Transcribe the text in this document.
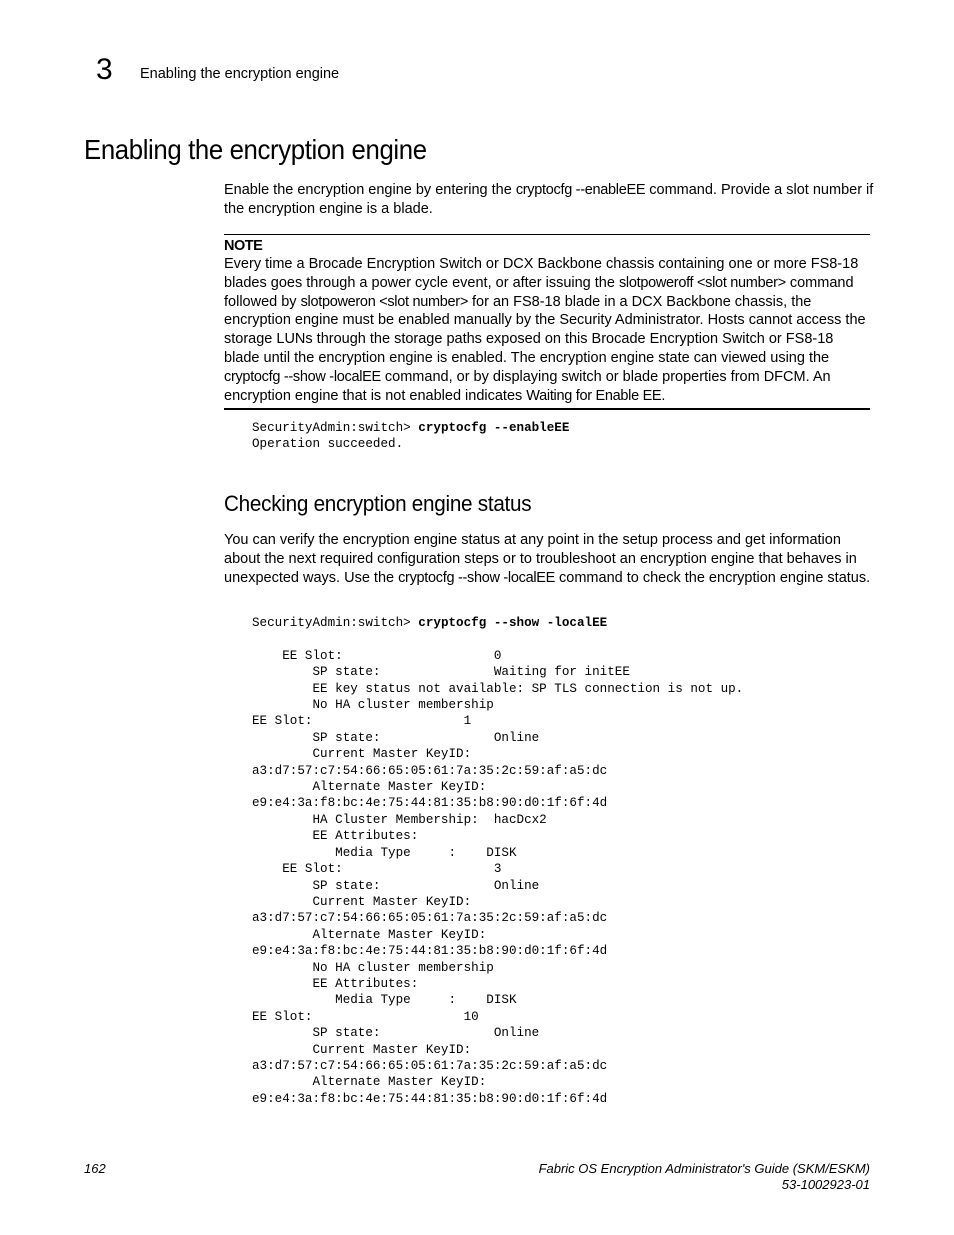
3 Enabling the encryption engine
Enabling the encryption engine
Enable the encryption engine by entering the cryptocfg --enableEE command. Provide a slot number if the encryption engine is a blade.
NOTE
Every time a Brocade Encryption Switch or DCX Backbone chassis containing one or more FS8-18 blades goes through a power cycle event, or after issuing the slotpoweroff <slot number> command followed by slotpoweron <slot number> for an FS8-18 blade in a DCX Backbone chassis, the encryption engine must be enabled manually by the Security Administrator. Hosts cannot access the storage LUNs through the storage paths exposed on this Brocade Encryption Switch or FS8-18 blade until the encryption engine is enabled. The encryption engine state can viewed using the cryptocfg --show -localEE command, or by displaying switch or blade properties from DFCM. An encryption engine that is not enabled indicates Waiting for Enable EE.
SecurityAdmin:switch> cryptocfg --enableEE
Operation succeeded.
Checking encryption engine status
You can verify the encryption engine status at any point in the setup process and get information about the next required configuration steps or to troubleshoot an encryption engine that behaves in unexpected ways. Use the cryptocfg --show -localEE command to check the encryption engine status.
SecurityAdmin:switch> cryptocfg --show -localEE

EE Slot:                    0
SP state:               Waiting for initEE
EE key status not available: SP TLS connection is not up.
No HA cluster membership
EE Slot:                    1
SP state:               Online
Current Master KeyID:
a3:d7:57:c7:54:66:65:05:61:7a:35:2c:59:af:a5:dc
Alternate Master KeyID:
e9:e4:3a:f8:bc:4e:75:44:81:35:b8:90:d0:1f:6f:4d
HA Cluster Membership:  hacDcx2
EE Attributes:
Media Type     :    DISK
EE Slot:                    3
SP state:               Online
Current Master KeyID:
a3:d7:57:c7:54:66:65:05:61:7a:35:2c:59:af:a5:dc
Alternate Master KeyID:
e9:e4:3a:f8:bc:4e:75:44:81:35:b8:90:d0:1f:6f:4d
No HA cluster membership
EE Attributes:
Media Type     :    DISK
EE Slot:                    10
SP state:               Online
Current Master KeyID:
a3:d7:57:c7:54:66:65:05:61:7a:35:2c:59:af:a5:dc
Alternate Master KeyID:
e9:e4:3a:f8:bc:4e:75:44:81:35:b8:90:d0:1f:6f:4d
162	Fabric OS Encryption Administrator's Guide (SKM/ESKM)
53-1002923-01
